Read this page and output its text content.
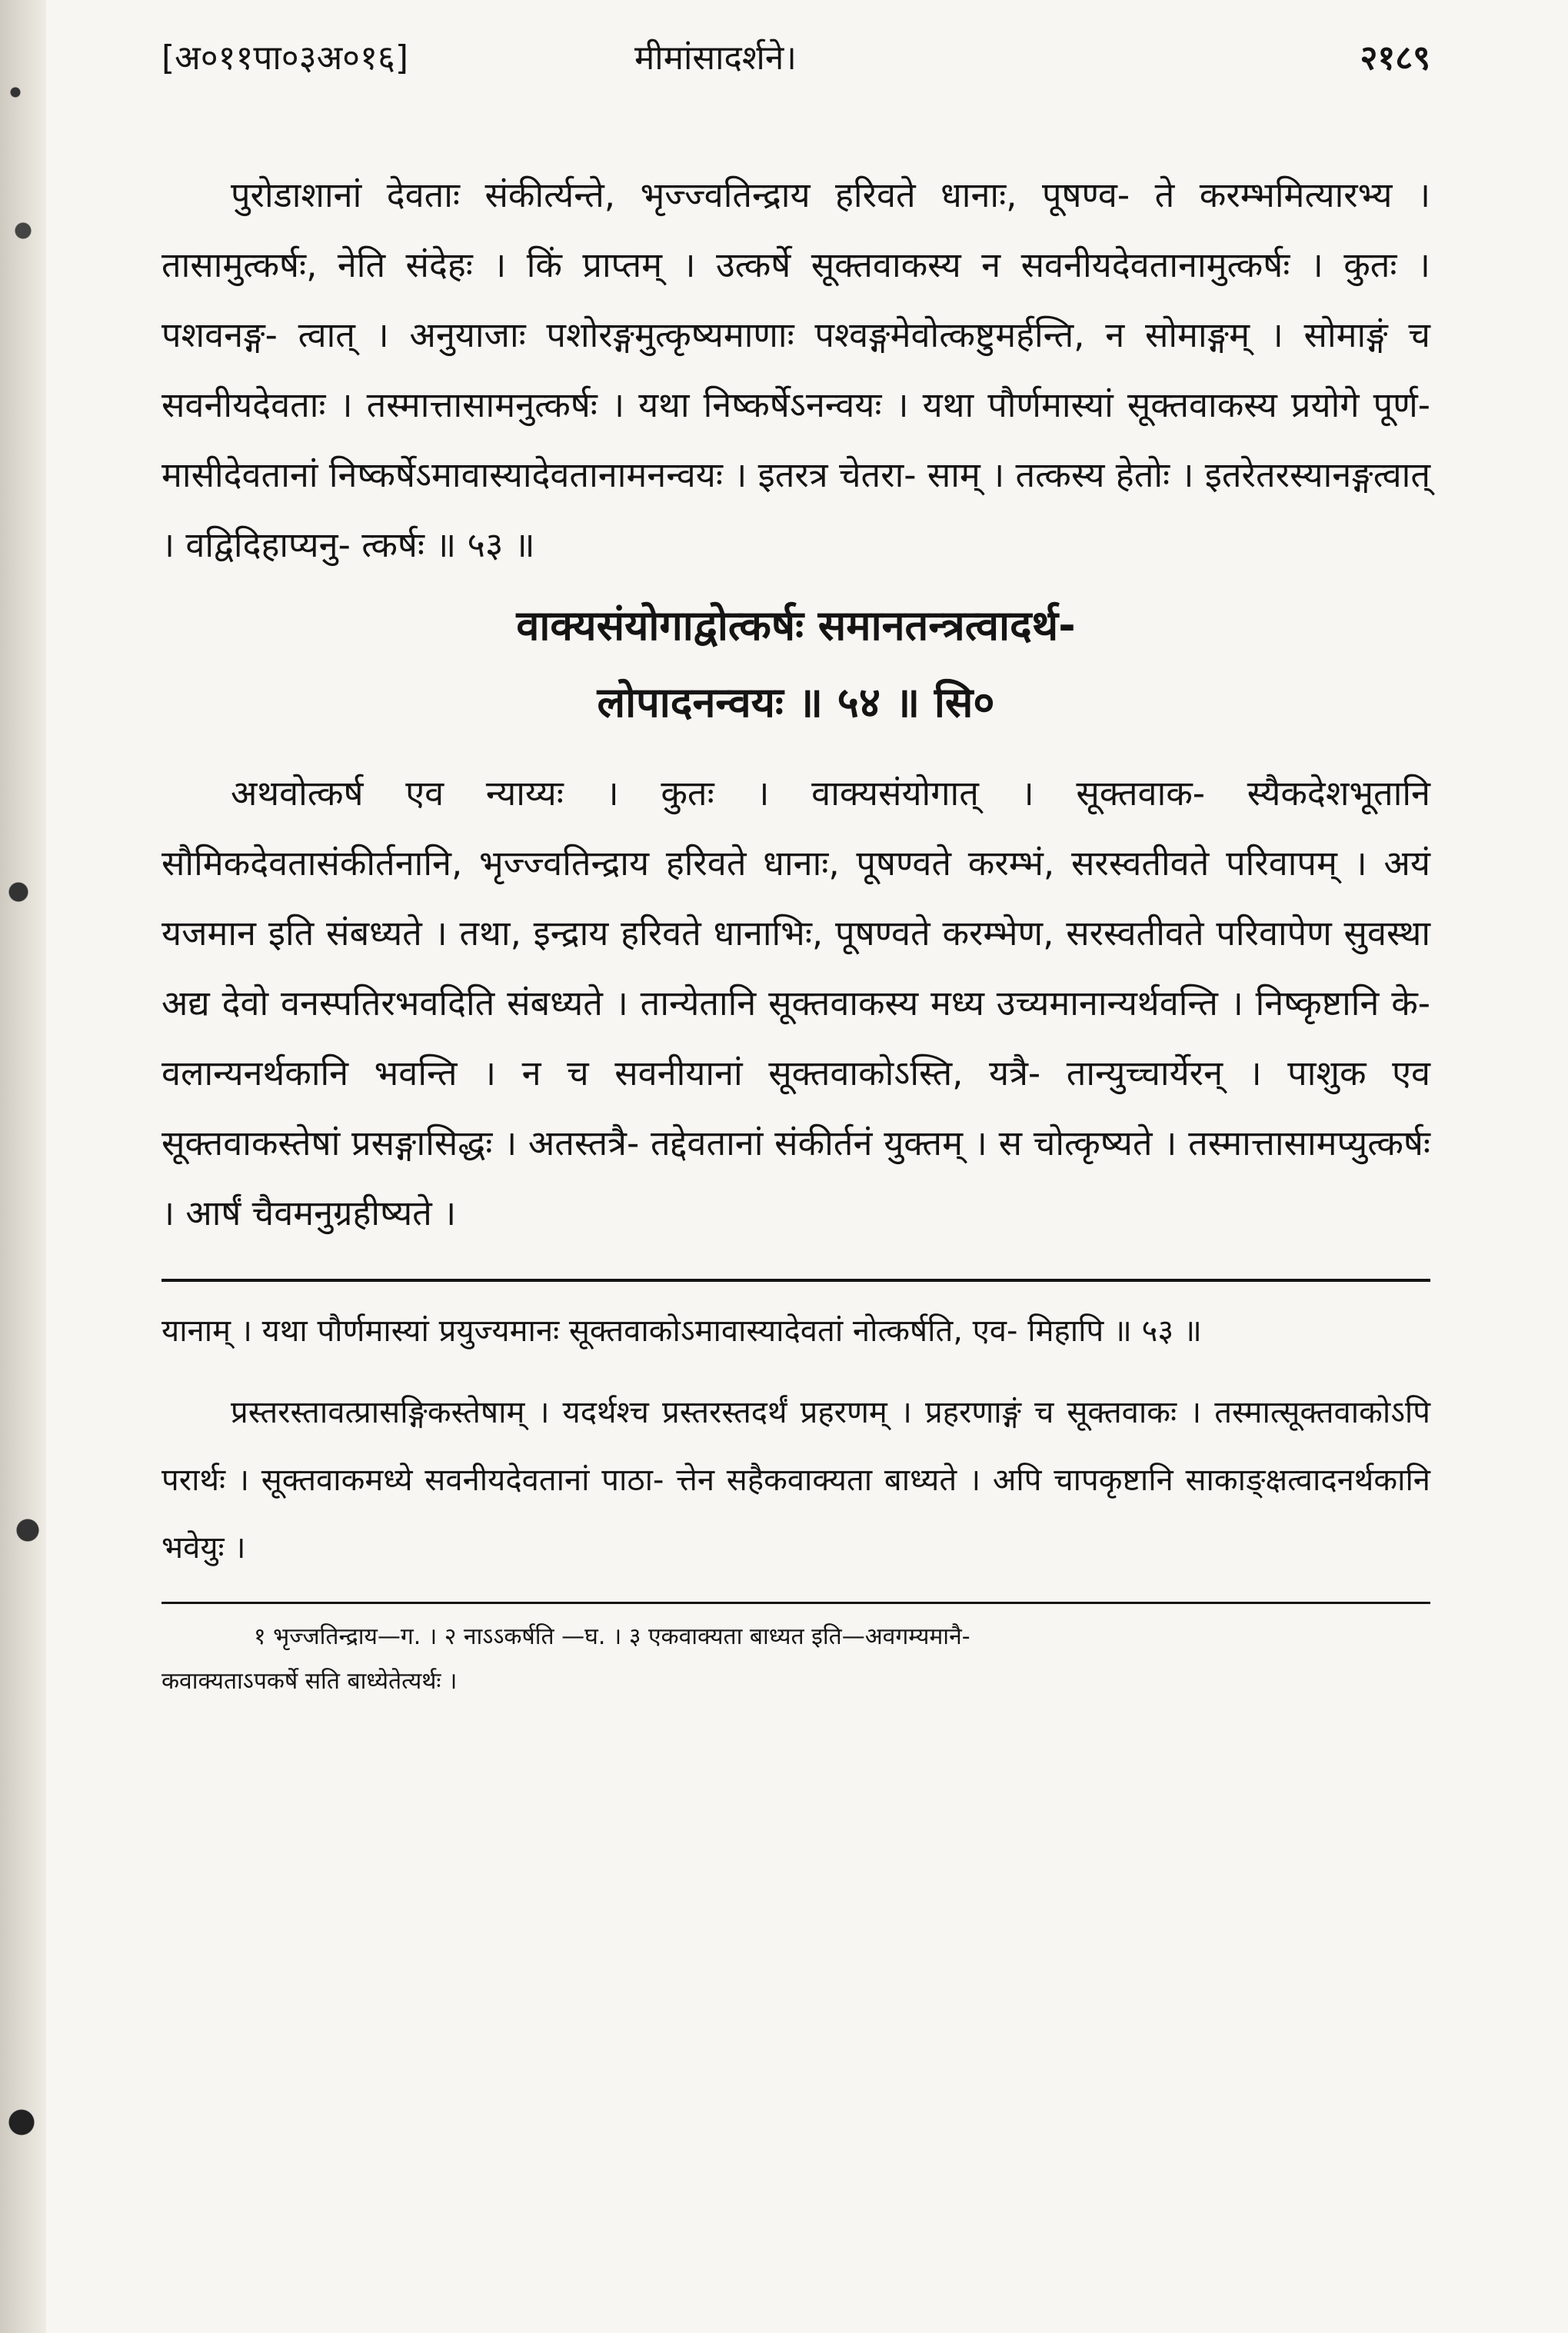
[अ०११पा०३अ०१६]	मीमांसादर्शने।	२१८९

पुरोडाशानां देवताः संकीर्त्यन्ते, भृज्ज्वतिन्द्राय हरिवते धानाः, पूषण्व- ते करम्भमित्यारभ्य । तासामुत्कर्षः, नेति संदेहः । किं प्राप्तम् । उत्कर्षे सूक्तवाकस्य न सवनीयदेवतानामुत्कर्षः । कुतः । पशवनङ्ग- त्वात् । अनुयाजाः पशोरङ्गमुत्कृष्यमाणाः पश्वङ्गमेवोत्कष्टुमर्हन्ति, न सोमाङ्गम् । सोमाङ्गं च सवनीयदेवताः । तस्मात्तासामनुत्कर्षः । यथा निष्कर्षेऽनन्वयः । यथा पौर्णमास्यां सूक्तवाकस्य प्रयोगे पूर्ण- मासीदेवतानां निष्कर्षेऽमावास्यादेवतानामनन्वयः । इतरत्र चेतरा- साम् । तत्कस्य हेतोः । इतरेतरस्यानङ्गत्वात् । वद्विदिहाप्यनु- त्कर्षः ॥ ५३ ॥

वाक्यसंयोगाद्वोत्कर्षः समानतन्त्रत्वादर्थ-
लोपादनन्वयः ॥ ५४ ॥ सि०

अथवोत्कर्ष एव न्याय्यः । कुतः । वाक्यसंयोगात् । सूक्तवाक- स्यैकदेशभूतानि सौमिकदेवतासंकीर्तनानि, भृज्ज्वतिन्द्राय हरिवते धानाः, पूषण्वते करम्भं, सरस्वतीवते परिवापम् । अयं यजमान इति संबध्यते । तथा, इन्द्राय हरिवते धानाभिः, पूषण्वते करम्भेण, सरस्वतीवते परिवापेण सुवस्था अद्य देवो वनस्पतिरभवदिति संबध्यते । तान्येतानि सूक्तवाकस्य मध्य उच्यमानान्यर्थवन्ति । निष्कृष्टानि के- वलान्यनर्थकानि भवन्ति । न च सवनीयानां सूक्तवाकोऽस्ति, यत्रै- तान्युच्चार्येरन् । पाशुक एव सूक्तवाकस्तेषां प्रसङ्गासिद्धः । अतस्तत्रै- तद्देवतानां संकीर्तनं युक्तम् । स चोत्कृष्यते । तस्मात्तासामप्युत्कर्षः । आर्षं चैवमनुग्रहीष्यते ।

यानाम् । यथा पौर्णमास्यां प्रयुज्यमानः सूक्तवाकोऽमावास्यादेवतां नोत्कर्षति, एव- मिहापि ॥ ५३ ॥

प्रस्तरस्तावत्प्रासङ्गिकस्तेषाम् । यदर्थश्च प्रस्तरस्तदर्थं प्रहरणम् । प्रहरणाङ्गं च सूक्तवाकः । तस्मात्सूक्तवाकोऽपि परार्थः । सूक्तवाकमध्ये सवनीयदेवतानां पाठा- त्तेन सहैकवाक्यता बाध्यते । अपि चापकृष्टानि साकाङ्क्षत्वादनर्थकानि भवेयुः ।

१ भृज्जतिन्द्राय—ग. । २ नाऽऽकर्षति —घ. । ३ एकवाक्यता बाध्यत इति—अवगम्यमानै-

कवाक्यताऽपकर्षे सति बाध्येतेत्यर्थः ।
